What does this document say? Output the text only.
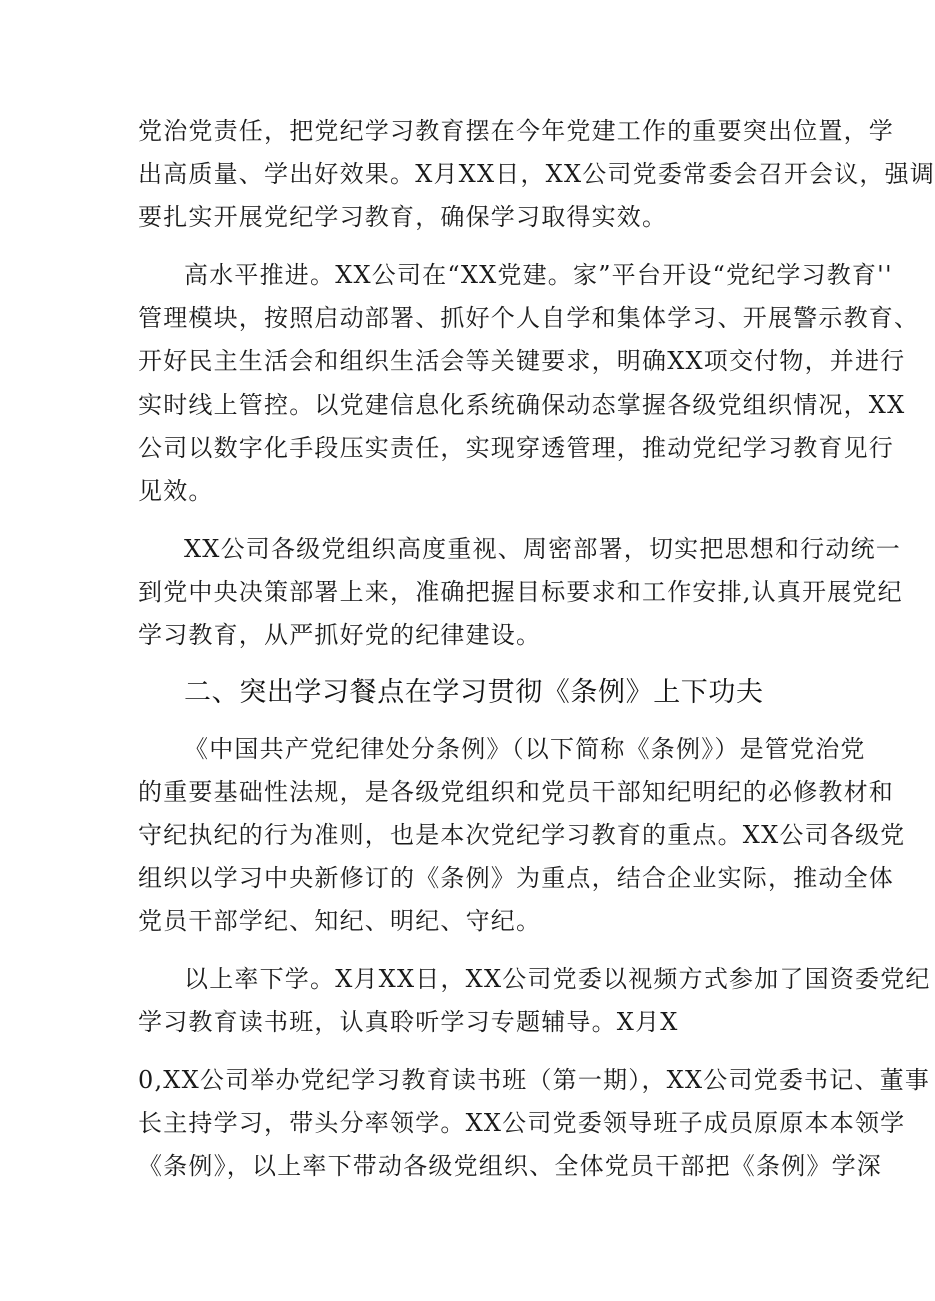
党治党责任，把党纪学习教育摆在今年党建工作的重要突出位置，学
出高质量、学出好效果。X月XX日，XX公司党委常委会召开会议，强调
要扎实开展党纪学习教育，确保学习取得实效。
高水平推进。XX公司在“XX党建。家”平台开设“党纪学习教育''
管理模块，按照启动部署、抓好个人自学和集体学习、开展警示教育、
开好民主生活会和组织生活会等关键要求，明确XX项交付物，并进行
实时线上管控。以党建信息化系统确保动态掌握各级党组织情况，XX
公司以数字化手段压实责任，实现穿透管理，推动党纪学习教育见行
见效。
XX公司各级党组织高度重视、周密部署，切实把思想和行动统一
到党中央决策部署上来，准确把握目标要求和工作安排,认真开展党纪
学习教育，从严抓好党的纪律建设。
二、突出学习餐点在学习贯彻《条例》上下功夫
《中国共产党纪律处分条例》（以下简称《条例》）是管党治党
的重要基础性法规，是各级党组织和党员干部知纪明纪的必修教材和
守纪执纪的行为准则，也是本次党纪学习教育的重点。XX公司各级党
组织以学习中央新修订的《条例》为重点，结合企业实际，推动全体
党员干部学纪、知纪、明纪、守纪。
以上率下学。X月XX日，XX公司党委以视频方式参加了国资委党纪
学习教育读书班，认真聆听学习专题辅导。X月X
0,XX公司举办党纪学习教育读书班（第一期），XX公司党委书记、董事
长主持学习，带头分率领学。XX公司党委领导班子成员原原本本领学
《条例》，以上率下带动各级党组织、全体党员干部把《条例》学深
